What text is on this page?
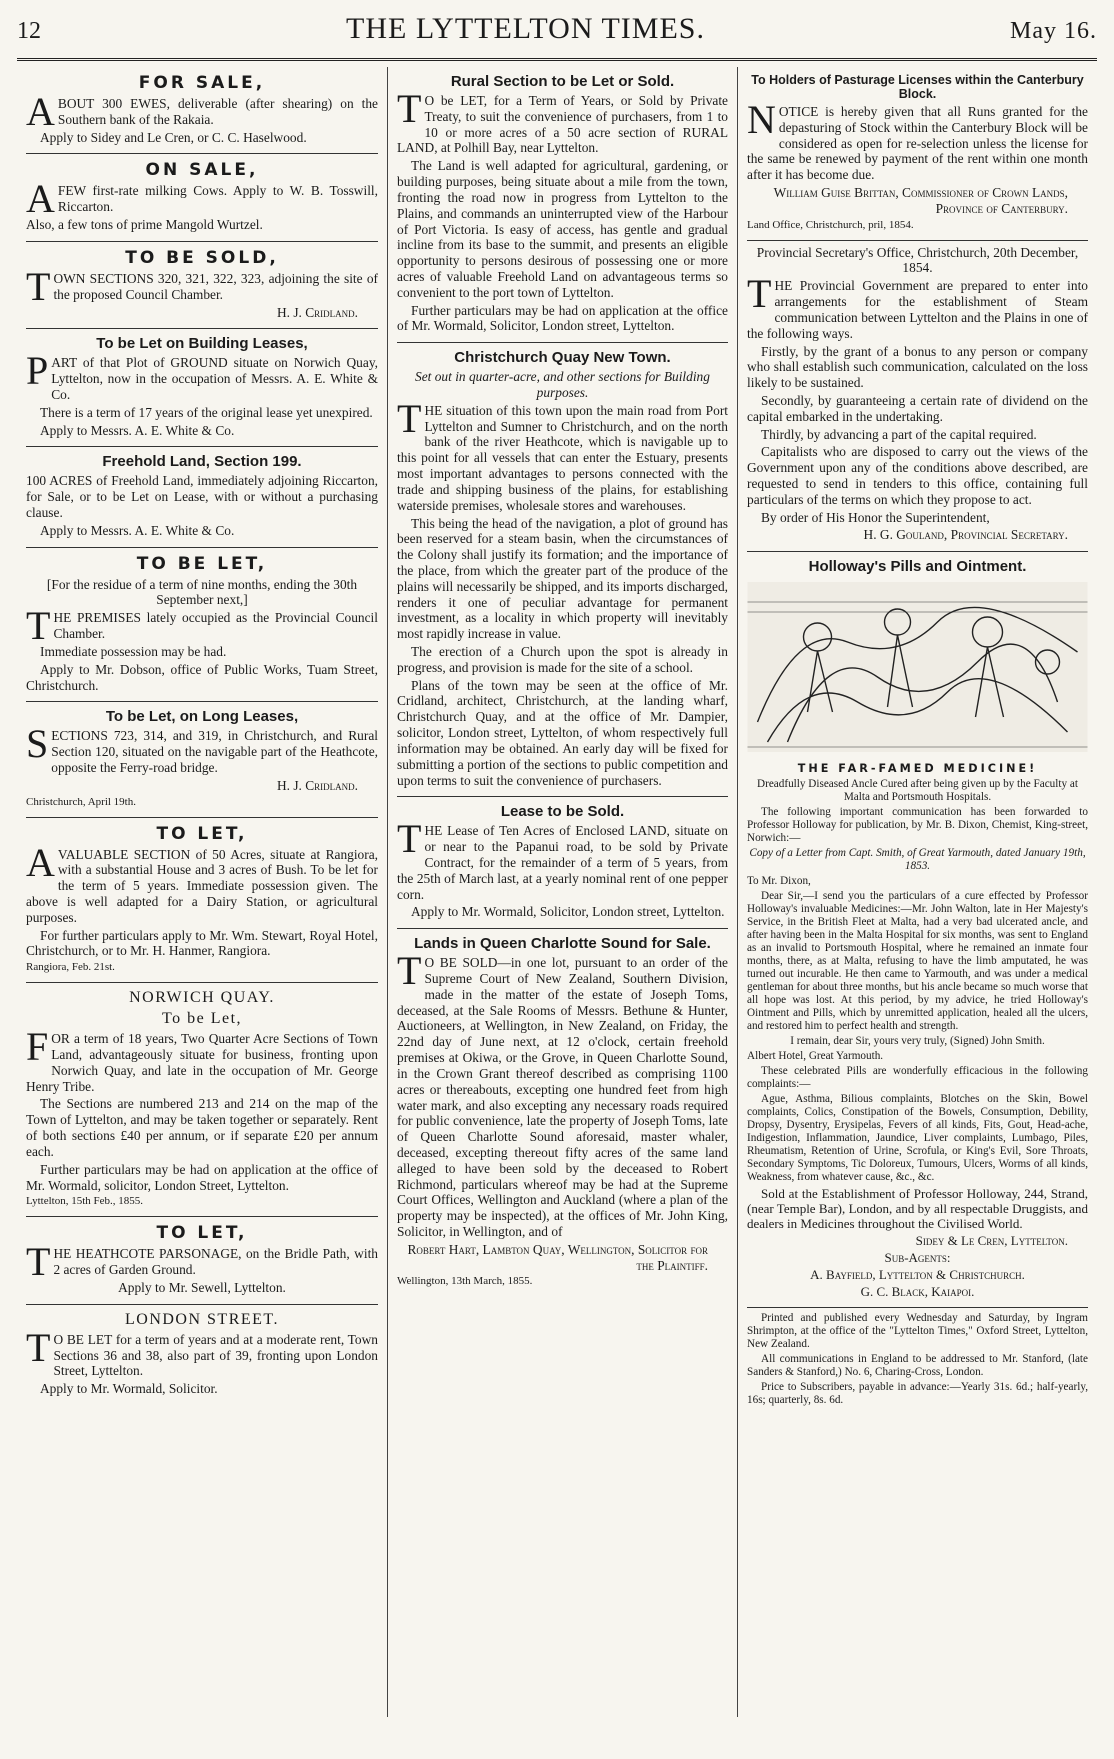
12	THE LYTTELTON TIMES.	May 16.
FOR SALE,

ABOUT 300 EWES, deliverable (after shearing) on the Southern bank of the Rakaia.

Apply to Sidey and Le Cren, or C. C. Haselwood.

ON SALE,

AFEW first-rate milking Cows. Apply to W. B. Tosswill, Riccarton.

Also, a few tons of prime Mangold Wurtzel.

TO BE SOLD,

TOWN SECTIONS 320, 321, 322, 323, adjoining the site of the proposed Council Chamber.

H. J. Cridland.

To be Let on Building Leases,

PART of that Plot of GROUND situate on Norwich Quay, Lyttelton, now in the occupation of Messrs. A. E. White & Co.

There is a term of 17 years of the original lease yet unexpired.

Apply to Messrs. A. E. White & Co.

Freehold Land, Section 199.

100 ACRES of Freehold Land, immediately adjoining Riccarton, for Sale, or to be Let on Lease, with or without a purchasing clause.

Apply to Messrs. A. E. White & Co.

TO BE LET,

[For the residue of a term of nine months, ending the 30th September next,]

THE PREMISES lately occupied as the Provincial Council Chamber.

Immediate possession may be had.

Apply to Mr. Dobson, office of Public Works, Tuam Street, Christchurch.

To be Let, on Long Leases,

SECTIONS 723, 314, and 319, in Christchurch, and Rural Section 120, situated on the navigable part of the Heathcote, opposite the Ferry-road bridge.

H. J. Cridland.

Christchurch, April 19th.

TO LET,

AVALUABLE SECTION of 50 Acres, situate at Rangiora, with a substantial House and 3 acres of Bush. To be let for the term of 5 years. Immediate possession given. The above is well adapted for a Dairy Station, or agricultural purposes.

For further particulars apply to Mr. Wm. Stewart, Royal Hotel, Christchurch, or to Mr. H. Hanmer, Rangiora.

Rangiora, Feb. 21st.

NORWICH QUAY.
To be Let,

FOR a term of 18 years, Two Quarter Acre Sections of Town Land, advantageously situate for business, fronting upon Norwich Quay, and late in the occupation of Mr. George Henry Tribe.

The Sections are numbered 213 and 214 on the map of the Town of Lyttelton, and may be taken together or separately. Rent of both sections £40 per annum, or if separate £20 per annum each.

Further particulars may be had on application at the office of Mr. Wormald, solicitor, London Street, Lyttelton.

Lyttelton, 15th Feb., 1855.

TO LET,

THE HEATHCOTE PARSONAGE, on the Bridle Path, with 2 acres of Garden Ground.

Apply to Mr. Sewell, Lyttelton.

LONDON STREET.

TO BE LET for a term of years and at a moderate rent, Town Sections 36 and 38, also part of 39, fronting upon London Street, Lyttelton.

Apply to Mr. Wormald, Solicitor.

Rural Section to be Let or Sold.

TO be LET, for a Term of Years, or Sold by Private Treaty, to suit the convenience of purchasers, from 1 to 10 or more acres of a 50 acre section of RURAL LAND, at Polhill Bay, near Lyttelton.

The Land is well adapted for agricultural, gardening, or building purposes, being situate about a mile from the town, fronting the road now in progress from Lyttelton to the Plains, and commands an uninterrupted view of the Harbour of Port Victoria. Is easy of access, has gentle and gradual incline from its base to the summit, and presents an eligible opportunity to persons desirous of possessing one or more acres of valuable Freehold Land on advantageous terms so convenient to the port town of Lyttelton.

Further particulars may be had on application at the office of Mr. Wormald, Solicitor, London street, Lyttelton.

Christchurch Quay New Town.

Set out in quarter-acre, and other sections for Building purposes.

THE situation of this town upon the main road from Port Lyttelton and Sumner to Christchurch, and on the north bank of the river Heathcote, which is navigable up to this point for all vessels that can enter the Estuary, presents most important advantages to persons connected with the trade and shipping business of the plains, for establishing waterside premises, wholesale stores and warehouses.

This being the head of the navigation, a plot of ground has been reserved for a steam basin, when the circumstances of the Colony shall justify its formation; and the importance of the place, from which the greater part of the produce of the plains will necessarily be shipped, and its imports discharged, renders it one of peculiar advantage for permanent investment, as a locality in which property will inevitably most rapidly increase in value.

The erection of a Church upon the spot is already in progress, and provision is made for the site of a school.

Plans of the town may be seen at the office of Mr. Cridland, architect, Christchurch, at the landing wharf, Christchurch Quay, and at the office of Mr. Dampier, solicitor, London street, Lyttelton, of whom respectively full information may be obtained. An early day will be fixed for submitting a portion of the sections to public competition and upon terms to suit the convenience of purchasers.

Lease to be Sold.

THE Lease of Ten Acres of Enclosed LAND, situate on or near to the Papanui road, to be sold by Private Contract, for the remainder of a term of 5 years, from the 25th of March last, at a yearly nominal rent of one pepper corn.

Apply to Mr. Wormald, Solicitor, London street, Lyttelton.

Lands in Queen Charlotte Sound for Sale.

TO BE SOLD—in one lot, pursuant to an order of the Supreme Court of New Zealand, Southern Division, made in the matter of the estate of Joseph Toms, deceased, at the Sale Rooms of Messrs. Bethune & Hunter, Auctioneers, at Wellington, in New Zealand, on Friday, the 22nd day of June next, at 12 o'clock, certain freehold premises at Okiwa, or the Grove, in Queen Charlotte Sound, in the Crown Grant thereof described as comprising 1100 acres or thereabouts, excepting one hundred feet from high water mark, and also excepting any necessary roads required for public convenience, late the property of Joseph Toms, late of Queen Charlotte Sound aforesaid, master whaler, deceased, excepting thereout fifty acres of the same land alleged to have been sold by the deceased to Robert Richmond, particulars whereof may be had at the Supreme Court Offices, Wellington and Auckland (where a plan of the property may be inspected), at the offices of Mr. John King, Solicitor, in Wellington, and of

Robert Hart, Lambton Quay, Wellington, Solicitor for the Plaintiff.

Wellington, 13th March, 1855.

To Holders of Pasturage Licenses within the Canterbury Block.

NOTICE is hereby given that all Runs granted for the depasturing of Stock within the Canterbury Block will be considered as open for re-selection unless the license for the same be renewed by payment of the rent within one month after it has become due.

William Guise Brittan, Commissioner of Crown Lands, Province of Canterbury.

Land Office, Christchurch, pril, 1854.

Provincial Secretary's Office, Christchurch, 20th December, 1854.

THE Provincial Government are prepared to enter into arrangements for the establishment of Steam communication between Lyttelton and the Plains in one of the following ways.

Firstly, by the grant of a bonus to any person or company who shall establish such communication, calculated on the loss likely to be sustained.

Secondly, by guaranteeing a certain rate of dividend on the capital embarked in the undertaking.

Thirdly, by advancing a part of the capital required.

Capitalists who are disposed to carry out the views of the Government upon any of the conditions above described, are requested to send in tenders to this office, containing full particulars of the terms on which they propose to act.

By order of His Honor the Superintendent,

H. G. Gouland, Provincial Secretary.

Holloway's Pills and Ointment.

THE FAR-FAMED MEDICINE!

Dreadfully Diseased Ancle Cured after being given up by the Faculty at Malta and Portsmouth Hospitals.

The following important communication has been forwarded to Professor Holloway for publication, by Mr. B. Dixon, Chemist, King-street, Norwich:—

Copy of a Letter from Capt. Smith, of Great Yarmouth, dated January 19th, 1853.

To Mr. Dixon,

Dear Sir,—I send you the particulars of a cure effected by Professor Holloway's invaluable Medicines:—Mr. John Walton, late in Her Majesty's Service, in the British Fleet at Malta, had a very bad ulcerated ancle, and after having been in the Malta Hospital for six months, was sent to England as an invalid to Portsmouth Hospital, where he remained an inmate four months, there, as at Malta, refusing to have the limb amputated, he was turned out incurable. He then came to Yarmouth, and was under a medical gentleman for about three months, but his ancle became so much worse that all hope was lost. At this period, by my advice, he tried Holloway's Ointment and Pills, which by unremitted application, healed all the ulcers, and restored him to perfect health and strength.

I remain, dear Sir, yours very truly, (Signed) John Smith.

Albert Hotel, Great Yarmouth.

These celebrated Pills are wonderfully efficacious in the following complaints:—

Ague, Asthma, Bilious complaints, Blotches on the Skin, Bowel complaints, Colics, Constipation of the Bowels, Consumption, Debility, Dropsy, Dysentry, Erysipelas, Fevers of all kinds, Fits, Gout, Head-ache, Indigestion, Inflammation, Jaundice, Liver complaints, Lumbago, Piles, Rheumatism, Retention of Urine, Scrofula, or King's Evil, Sore Throats, Secondary Symptoms, Tic Doloreux, Tumours, Ulcers, Worms of all kinds, Weakness, from whatever cause, &c., &c.

Sold at the Establishment of Professor Holloway, 244, Strand, (near Temple Bar), London, and by all respectable Druggists, and dealers in Medicines throughout the Civilised World.

Sidey & Le Cren, Lyttelton.

Sub-Agents:

A. Bayfield, Lyttelton & Christchurch.

G. C. Black, Kaiapoi.

Printed and published every Wednesday and Saturday, by Ingram Shrimpton, at the office of the "Lyttelton Times," Oxford Street, Lyttelton, New Zealand.

All communications in England to be addressed to Mr. Stanford, (late Sanders & Stanford,) No. 6, Charing-Cross, London.

Price to Subscribers, payable in advance:—Yearly 31s. 6d.; half-yearly, 16s; quarterly, 8s. 6d.
